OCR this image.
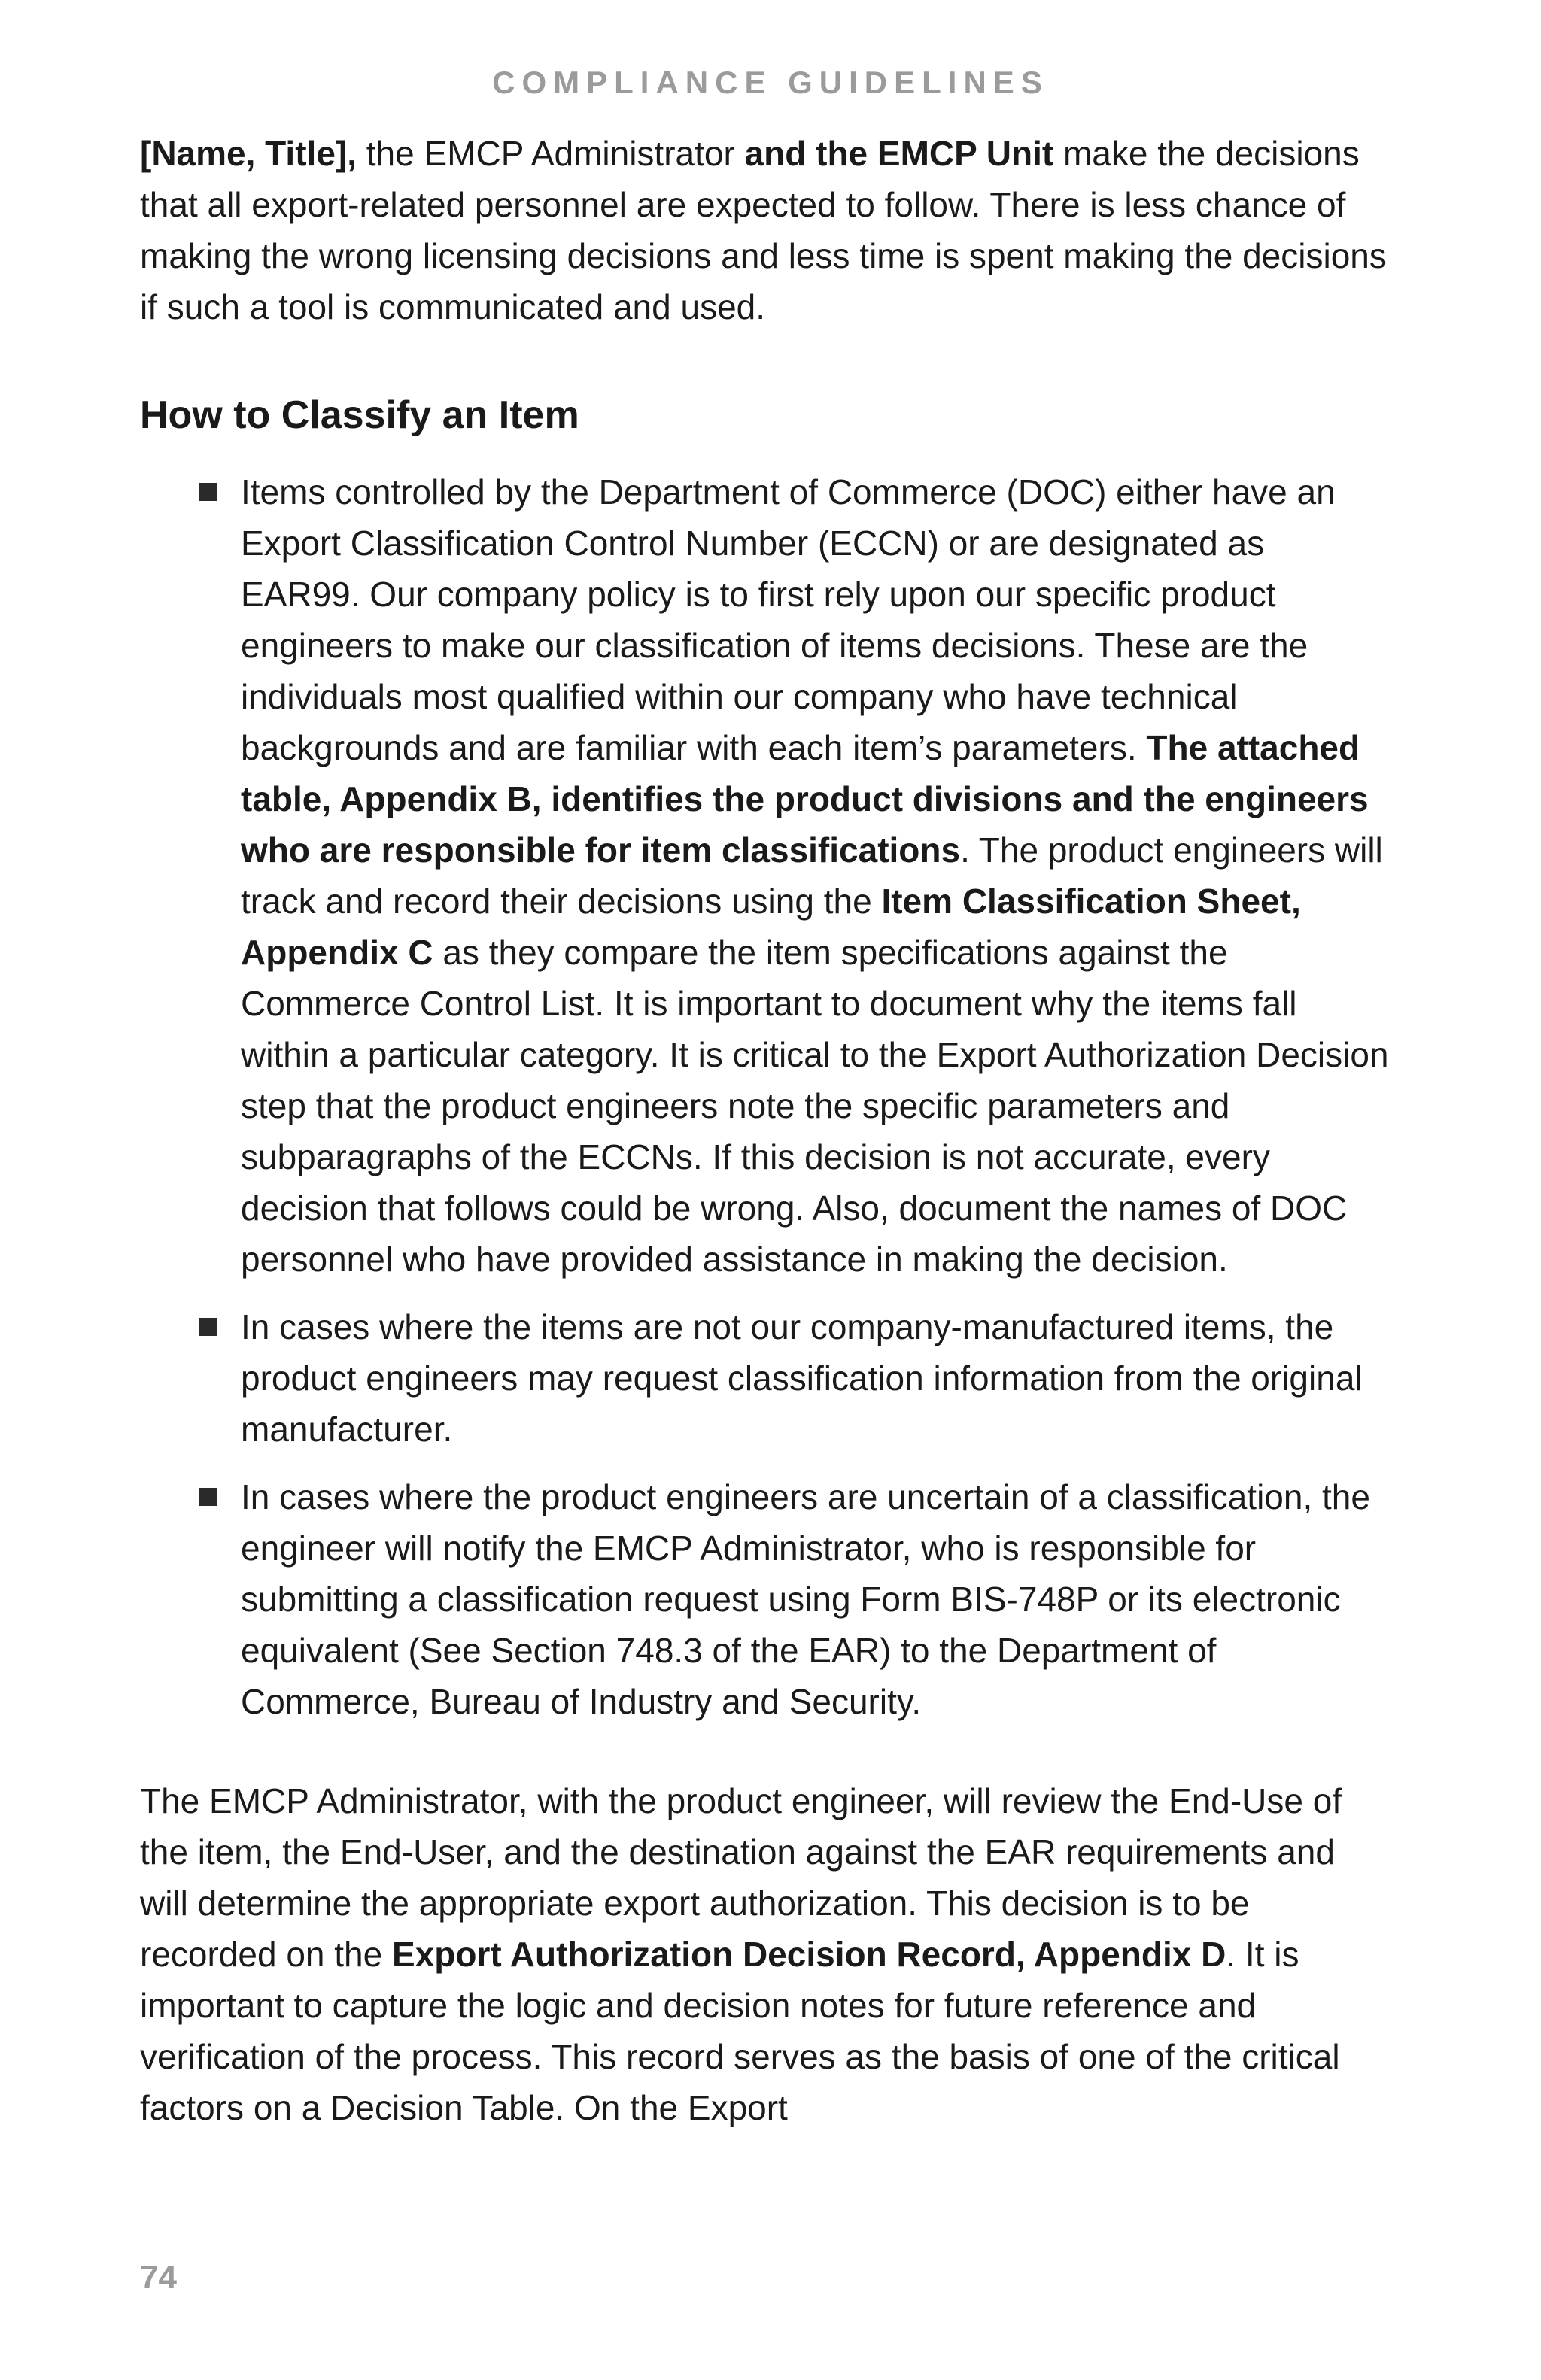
COMPLIANCE GUIDELINES

[Name, Title], the EMCP Administrator and the EMCP Unit make the decisions that all export-related personnel are expected to follow. There is less chance of making the wrong licensing decisions and less time is spent making the decisions if such a tool is communicated and used.

How to Classify an Item
Items controlled by the Department of Commerce (DOC) either have an Export Classification Control Number (ECCN) or are designated as EAR99. Our company policy is to first rely upon our specific product engineers to make our classification of items decisions. These are the individuals most qualified within our company who have technical backgrounds and are familiar with each item’s parameters. The attached table, Appendix B, identifies the product divisions and the engineers who are responsible for item classifications. The product engineers will track and record their decisions using the Item Classification Sheet, Appendix C as they compare the item specifications against the Commerce Control List. It is important to document why the items fall within a particular category. It is critical to the Export Authorization Decision step that the product engineers note the specific parameters and subparagraphs of the ECCNs. If this decision is not accurate, every decision that follows could be wrong. Also, document the names of DOC personnel who have provided assistance in making the decision.
In cases where the items are not our company-manufactured items, the product engineers may request classification information from the original manufacturer.
In cases where the product engineers are uncertain of a classification, the engineer will notify the EMCP Administrator, who is responsible for submitting a classification request using Form BIS-748P or its electronic equivalent (See Section 748.3 of the EAR) to the Department of Commerce, Bureau of Industry and Security.

The EMCP Administrator, with the product engineer, will review the End-Use of the item, the End-User, and the destination against the EAR requirements and will determine the appropriate export authorization. This decision is to be recorded on the Export Authorization Decision Record, Appendix D. It is important to capture the logic and decision notes for future reference and verification of the process. This record serves as the basis of one of the critical factors on a Decision Table. On the Export

74
